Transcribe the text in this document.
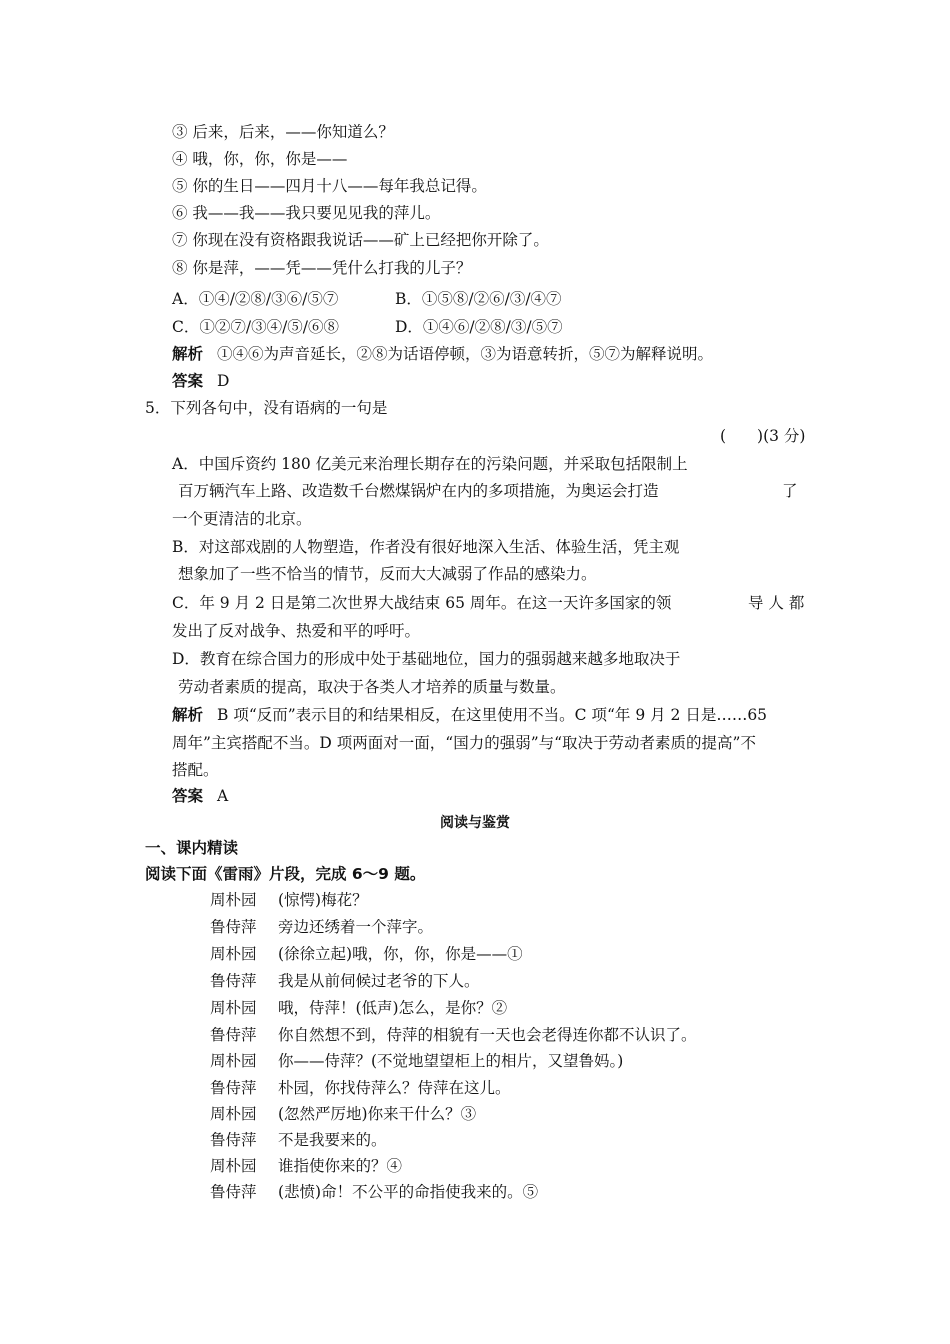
③ 后来，后来，——你知道么？
④ 哦，你，你，你是——
⑤ 你的生日——四月十八——每年我总记得。
⑥ 我——我——我只要见见我的萍儿。
⑦ 你现在没有资格跟我说话——矿上已经把你开除了。
⑧ 你是萍，——凭——凭什么打我的儿子？
A．①④/②⑧/③⑥/⑤⑦	B．①⑤⑧/②⑥/③/④⑦
C．①②⑦/③④/⑤/⑥⑧	D．①④⑥/②⑧/③/⑤⑦
解析 ①④⑥为声音延长，②⑧为话语停顿，③为语意转折，⑤⑦为解释说明。
答案 D
5．下列各句中，没有语病的一句是
(　　)(3 分)
A．中国斥资约 180 亿美元来治理长期存在的污染问题，并采取包括限制上
百万辆汽车上路、改造数千台燃煤锅炉在内的多项措施，为奥运会打造	了
一个更清洁的北京。
B．对这部戏剧的人物塑造，作者没有很好地深入生活、体验生活，凭主观
想象加了一些不恰当的情节，反而大大减弱了作品的感染力。
C．年 9 月 2 日是第二次世界大战结束 65 周年。在这一天许多国家的领	导 人 都
发出了反对战争、热爱和平的呼吁。
D．教育在综合国力的形成中处于基础地位，国力的强弱越来越多地取决于
劳动者素质的提高，取决于各类人才培养的质量与数量。
解析 B 项“反而”表示目的和结果相反，在这里使用不当。C 项“年 9 月 2 日是……65
周年”主宾搭配不当。D 项两面对一面，“国力的强弱”与“取决于劳动者素质的提高”不
搭配。
答案 A
阅读与鉴赏
一、课内精读
阅读下面《雷雨》片段，完成 6～9 题。
周朴园 (惊愕)梅花？
鲁侍萍 旁边还绣着一个萍字。
周朴园 (徐徐立起)哦，你，你，你是——①
鲁侍萍 我是从前伺候过老爷的下人。
周朴园 哦，侍萍！(低声)怎么，是你？②
鲁侍萍 你自然想不到，侍萍的相貌有一天也会老得连你都不认识了。
周朴园 你——侍萍？(不觉地望望柜上的相片，又望鲁妈。)
鲁侍萍 朴园，你找侍萍么？侍萍在这儿。
周朴园 (忽然严厉地)你来干什么？③
鲁侍萍 不是我要来的。
周朴园 谁指使你来的？④
鲁侍萍 (悲愤)命！不公平的命指使我来的。⑤
